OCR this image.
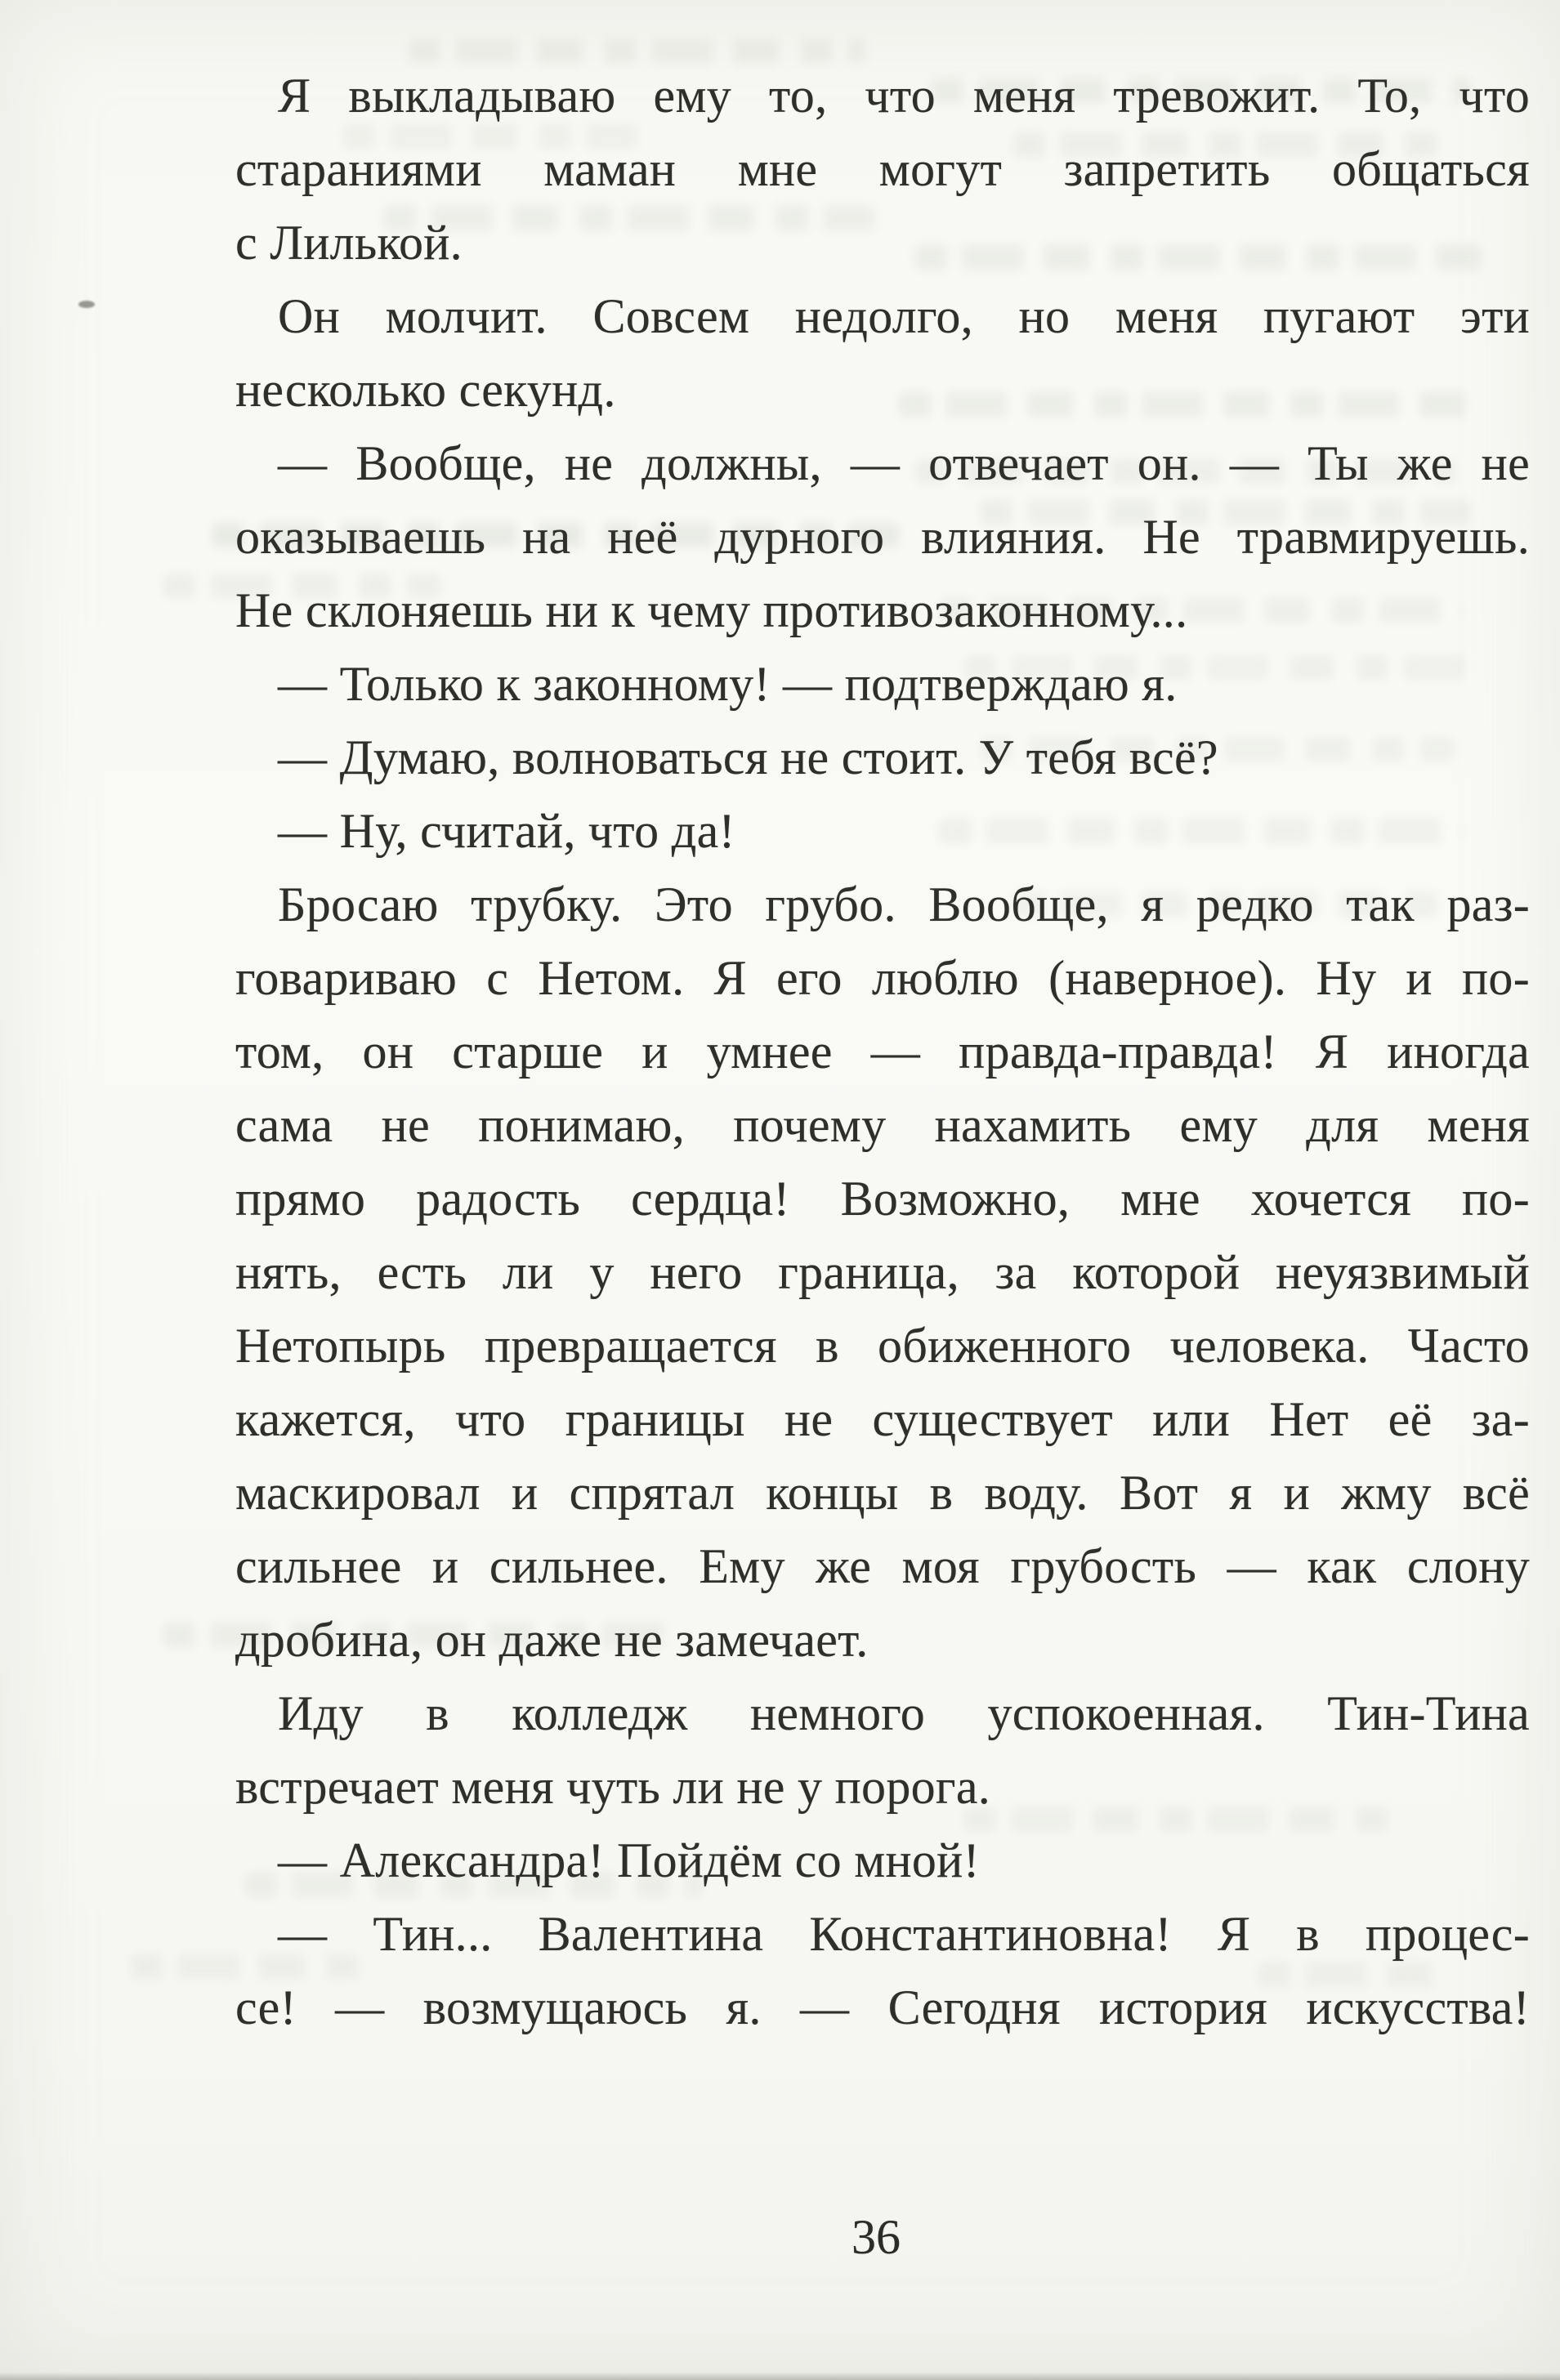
Я выкладываю ему то, что меня тревожит. То, что
стараниями маман мне могут запретить общаться
с Лилькой.
Он молчит. Совсем недолго, но меня пугают эти
несколько секунд.
— Вообще, не должны, — отвечает он. — Ты же не
оказываешь на неё дурного влияния. Не травмируешь.
Не склоняешь ни к чему противозаконному...
— Только к законному! — подтверждаю я.
— Думаю, волноваться не стоит. У тебя всё?
— Ну, считай, что да!
Бросаю трубку. Это грубо. Вообще, я редко так раз-
говариваю с Нетом. Я его люблю (наверное). Ну и по-
том, он старше и умнее — правда-правда! Я иногда
сама не понимаю, почему нахамить ему для меня
прямо радость сердца! Возможно, мне хочется по-
нять, есть ли у него граница, за которой неуязвимый
Нетопырь превращается в обиженного человека. Часто
кажется, что границы не существует или Нет её за-
маскировал и спрятал концы в воду. Вот я и жму всё
сильнее и сильнее. Ему же моя грубость — как слону
дробина, он даже не замечает.
Иду в колледж немного успокоенная. Тин-Тина
встречает меня чуть ли не у порога.
— Александра! Пойдём со мной!
— Тин... Валентина Константиновна! Я в процес-
се! — возмущаюсь я. — Сегодня история искусства!
36
